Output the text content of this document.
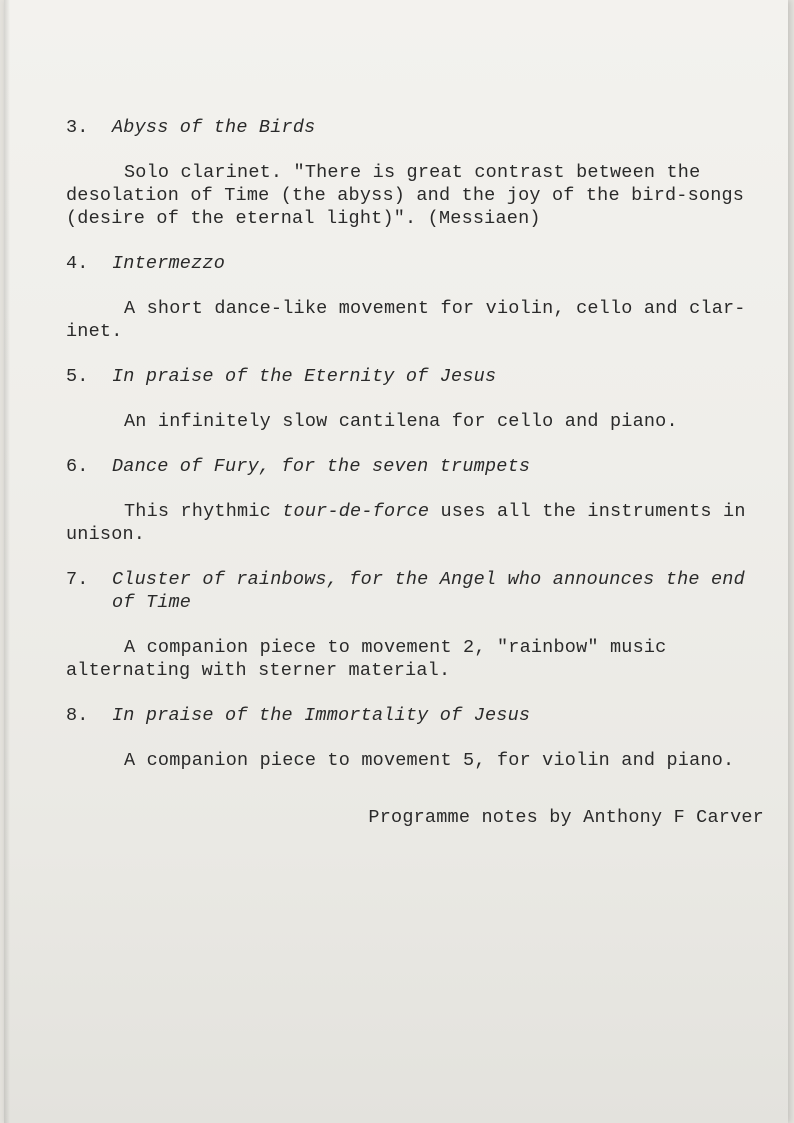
3. Abyss of the Birds

Solo clarinet. "There is great contrast between the desolation of Time (the abyss) and the joy of the bird-songs (desire of the eternal light)". (Messiaen)

4. Intermezzo

A short dance-like movement for violin, cello and clar-inet.

5. In praise of the Eternity of Jesus

An infinitely slow cantilena for cello and piano.

6. Dance of Fury, for the seven trumpets

This rhythmic tour-de-force uses all the instruments in unison.

7. Cluster of rainbows, for the Angel who announces the end of Time

A companion piece to movement 2, "rainbow" music alternating with sterner material.

8. In praise of the Immortality of Jesus

A companion piece to movement 5, for violin and piano.

Programme notes by Anthony F Carver
